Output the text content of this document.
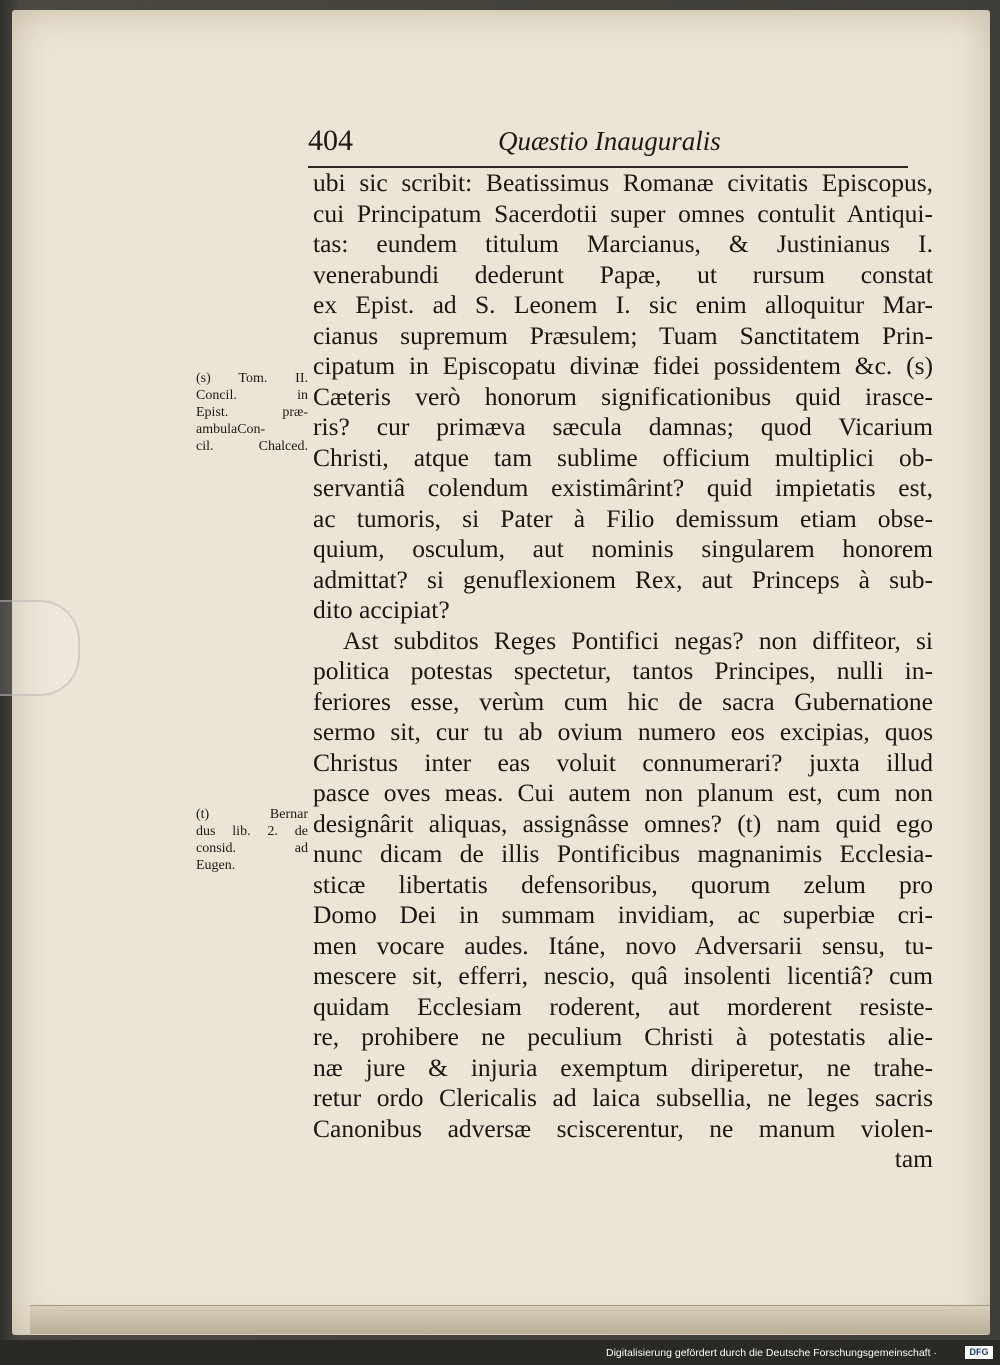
404	Quæstio Inauguralis
(s) Tom. II.
Concil. in
Epist. præ-
ambulaCon-
cil. Chalced.
(t) Bernar
dus lib. 2. de
consid. ad
Eugen.
ubi sic scribit: Beatissimus Romanæ civitatis Episcopus,
cui Principatum Sacerdotii super omnes contulit Antiqui-
tas: eundem titulum Marcianus, & Justinianus I.
venerabundi dederunt Papæ, ut rursum constat
ex Epist. ad S. Leonem I. sic enim alloquitur Mar-
cianus supremum Præsulem; Tuam Sanctitatem Prin-
cipatum in Episcopatu divinæ fidei possidentem &c. (s)
Cæteris verò honorum significationibus quid irasce-
ris? cur primæva sæcula damnas; quod Vicarium
Christi, atque tam sublime officium multiplici ob-
servantiâ colendum existimârint? quid impietatis est,
ac tumoris, si Pater à Filio demissum etiam obse-
quium, osculum, aut nominis singularem honorem
admittat? si genuflexionem Rex, aut Princeps à sub-
dito accipiat?
Ast subditos Reges Pontifici negas? non diffiteor, si
politica potestas spectetur, tantos Principes, nulli in-
feriores esse, verùm cum hic de sacra Gubernatione
sermo sit, cur tu ab ovium numero eos excipias, quos
Christus inter eas voluit connumerari? juxta illud
pasce oves meas. Cui autem non planum est, cum non
designârit aliquas, assignâsse omnes? (t) nam quid ego
nunc dicam de illis Pontificibus magnanimis Ecclesia-
sticæ libertatis defensoribus, quorum zelum pro
Domo Dei in summam invidiam, ac superbiæ cri-
men vocare audes. Itáne, novo Adversarii sensu, tu-
mescere sit, efferri, nescio, quâ insolenti licentiâ? cum
quidam Ecclesiam roderent, aut morderent resiste-
re, prohibere ne peculium Christi à potestatis alie-
næ jure & injuria exemptum diriperetur, ne trahe-
retur ordo Clericalis ad laica subsellia, ne leges sacris
Canonibus adversæ sciscerentur, ne manum violen-
tam
Digitalisierung gefördert durch die Deutsche Forschungsgemeinschaft ·	DFG
